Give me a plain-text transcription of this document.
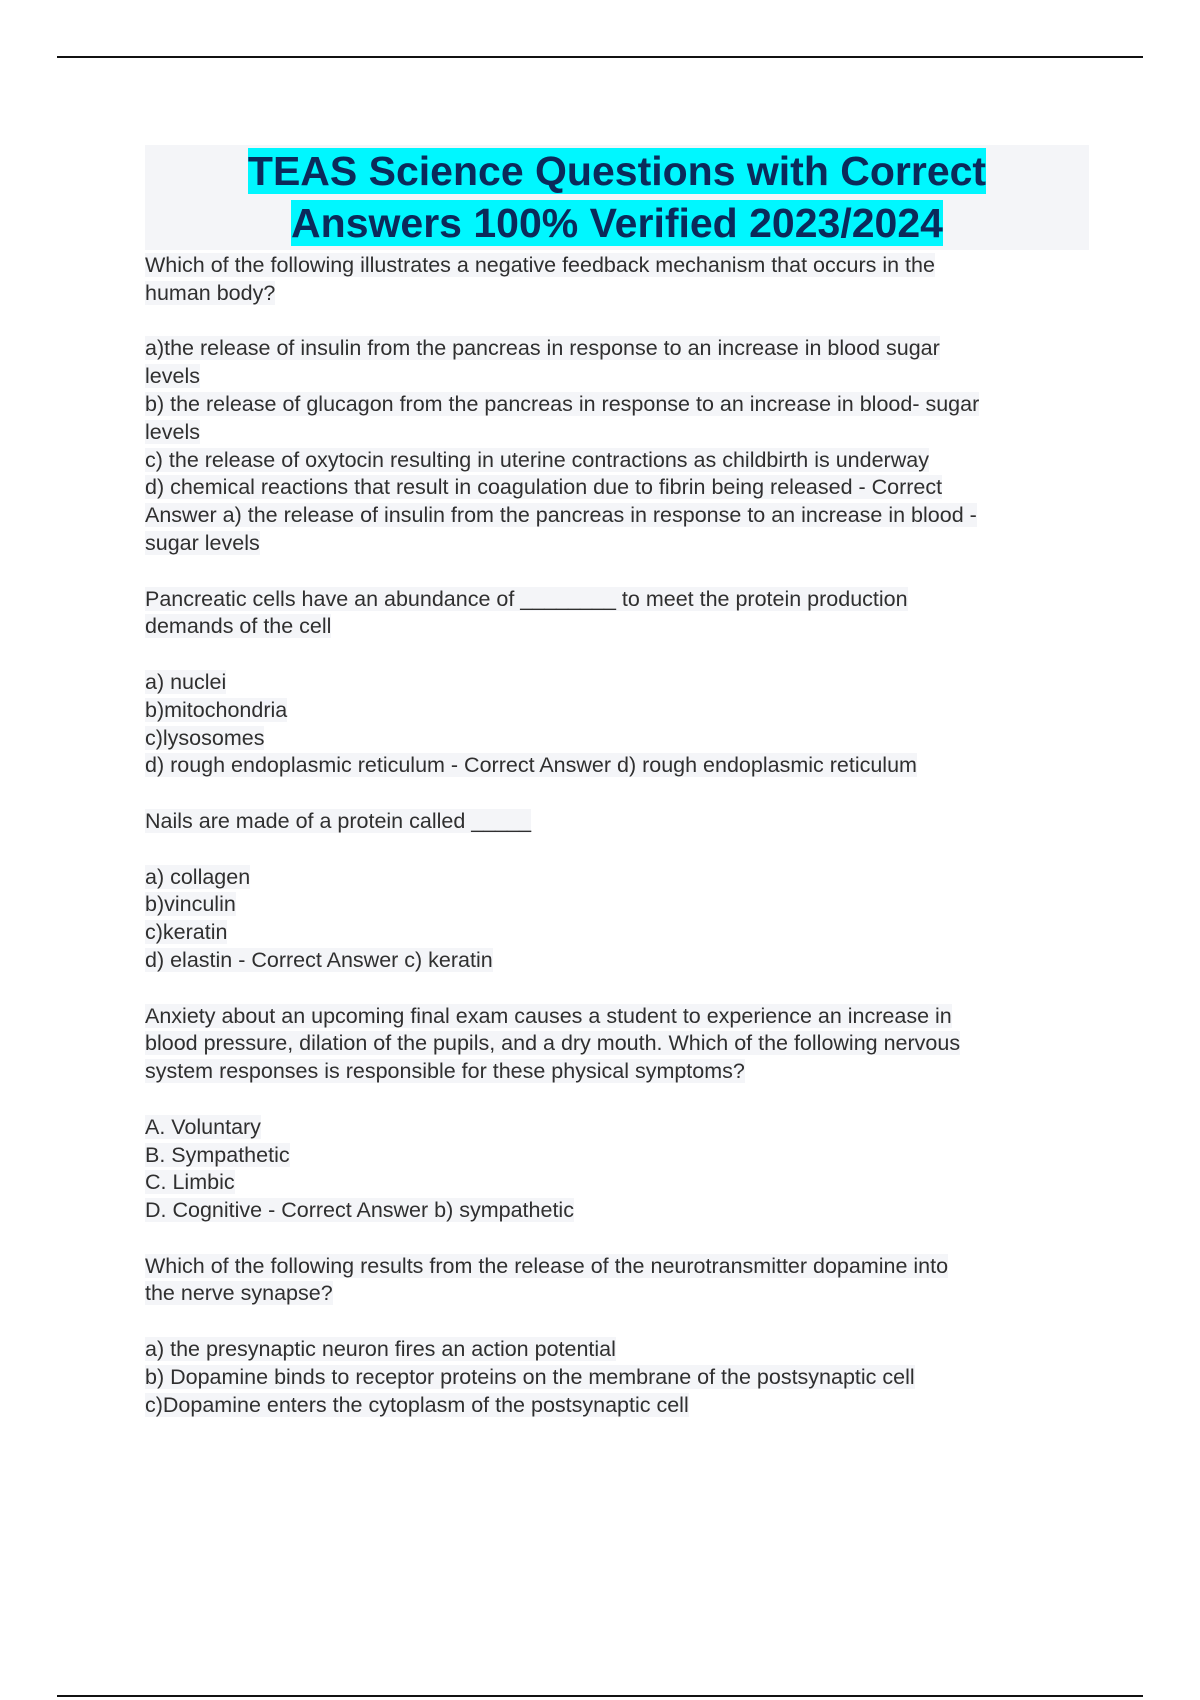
TEAS Science Questions with Correct
Answers 100% Verified 2023/2024
Which of the following illustrates a negative feedback mechanism that occurs in the
human body?
a)the release of insulin from the pancreas in response to an increase in blood sugar
levels
b) the release of glucagon from the pancreas in response to an increase in blood- sugar
levels
c) the release of oxytocin resulting in uterine contractions as childbirth is underway
d) chemical reactions that result in coagulation due to fibrin being released - Correct
Answer a) the release of insulin from the pancreas in response to an increase in blood -
sugar levels
Pancreatic cells have an abundance of ________ to meet the protein production
demands of the cell
a) nuclei
b)mitochondria
c)lysosomes
d) rough endoplasmic reticulum - Correct Answer d) rough endoplasmic reticulum
Nails are made of a protein called _____
a) collagen
b)vinculin
c)keratin
d) elastin - Correct Answer c) keratin
Anxiety about an upcoming final exam causes a student to experience an increase in
blood pressure, dilation of the pupils, and a dry mouth. Which of the following nervous
system responses is responsible for these physical symptoms?
A. Voluntary
B. Sympathetic
C. Limbic
D. Cognitive - Correct Answer b) sympathetic
Which of the following results from the release of the neurotransmitter dopamine into
the nerve synapse?
a) the presynaptic neuron fires an action potential
b) Dopamine binds to receptor proteins on the membrane of the postsynaptic cell
c)Dopamine enters the cytoplasm of the postsynaptic cell
